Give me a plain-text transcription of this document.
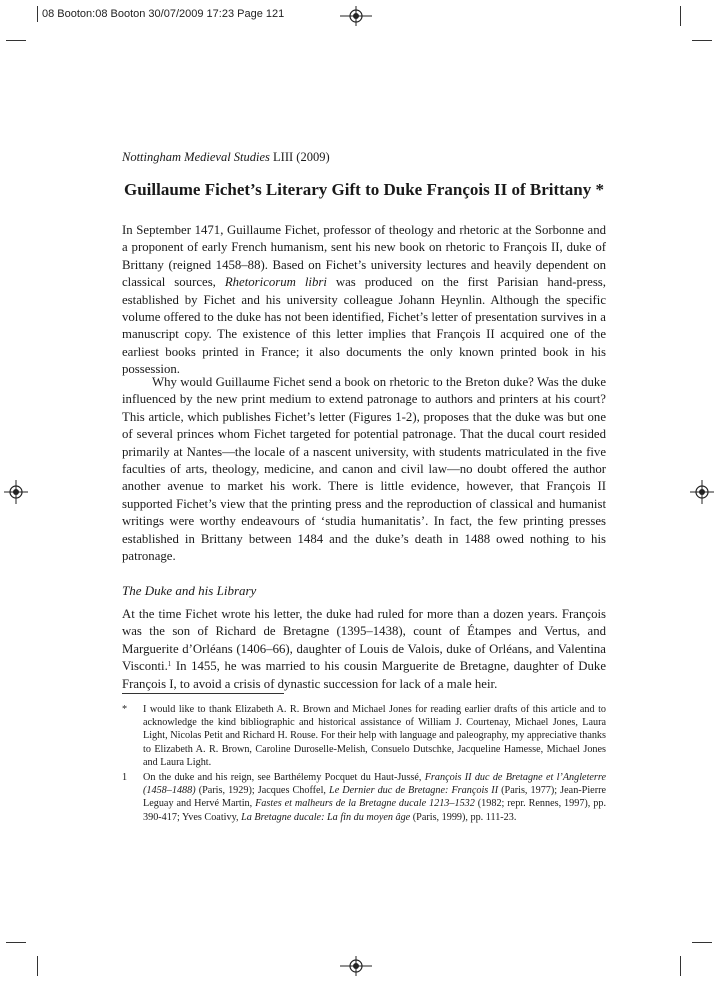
08 Booton:08 Booton 30/07/2009 17:23 Page 121
Nottingham Medieval Studies LIII (2009)
Guillaume Fichet’s Literary Gift to Duke François II of Brittany *

In September 1471, Guillaume Fichet, professor of theology and rhetoric at the Sorbonne and a proponent of early French humanism, sent his new book on rhetoric to François II, duke of Brittany (reigned 1458–88). Based on Fichet’s university lectures and heavily dependent on classical sources, Rhetoricorum libri was produced on the first Parisian hand-press, established by Fichet and his university colleague Johann Heynlin. Although the specific volume offered to the duke has not been identified, Fichet’s letter of presentation survives in a manuscript copy. The existence of this letter implies that François II acquired one of the earliest books printed in France; it also documents the only known printed book in his possession.

Why would Guillaume Fichet send a book on rhetoric to the Breton duke? Was the duke influenced by the new print medium to extend patronage to authors and printers at his court? This article, which publishes Fichet’s letter (Figures 1-2), proposes that the duke was but one of several princes whom Fichet targeted for potential patronage. That the ducal court resided primarily at Nantes—the locale of a nascent university, with students matriculated in the five faculties of arts, theology, medicine, and canon and civil law—no doubt offered the author another avenue to market his work. There is little evidence, however, that François II supported Fichet’s view that the printing press and the reproduction of classical and humanist writings were worthy endeavours of ‘studia humanitatis’. In fact, the few printing presses established in Brittany between 1484 and the duke’s death in 1488 owed nothing to his patronage.

The Duke and his Library

At the time Fichet wrote his letter, the duke had ruled for more than a dozen years. François was the son of Richard de Bretagne (1395–1438), count of Étampes and Vertus, and Marguerite d’Orléans (1406–66), daughter of Louis de Valois, duke of Orléans, and Valentina Visconti.$^1$ In 1455, he was married to his cousin Marguerite de Bretagne, daughter of Duke François I, to avoid a crisis of dynastic succession for lack of a male heir.

*	I would like to thank Elizabeth A. R. Brown and Michael Jones for reading earlier drafts of this article and to acknowledge the kind bibliographic and historical assistance of William J. Courtenay, Michael Jones, Laura Light, Nicolas Petit and Richard H. Rouse. For their help with language and paleography, my appreciative thanks to Elizabeth A. R. Brown, Caroline Duroselle-Melish, Consuelo Dutschke, Jacqueline Hamesse, Michael Jones and Laura Light.
1	On the duke and his reign, see Barthélemy Pocquet du Haut-Jussé, François II duc de Bretagne et l’Angleterre (1458–1488) (Paris, 1929); Jacques Choffel, Le Dernier duc de Bretagne: François II (Paris, 1977); Jean-Pierre Leguay and Hervé Martin, Fastes et malheurs de la Bretagne ducale 1213–1532 (1982; repr. Rennes, 1997), pp. 390-417; Yves Coativy, La Bretagne ducale: La fin du moyen âge (Paris, 1999), pp. 111-23.
